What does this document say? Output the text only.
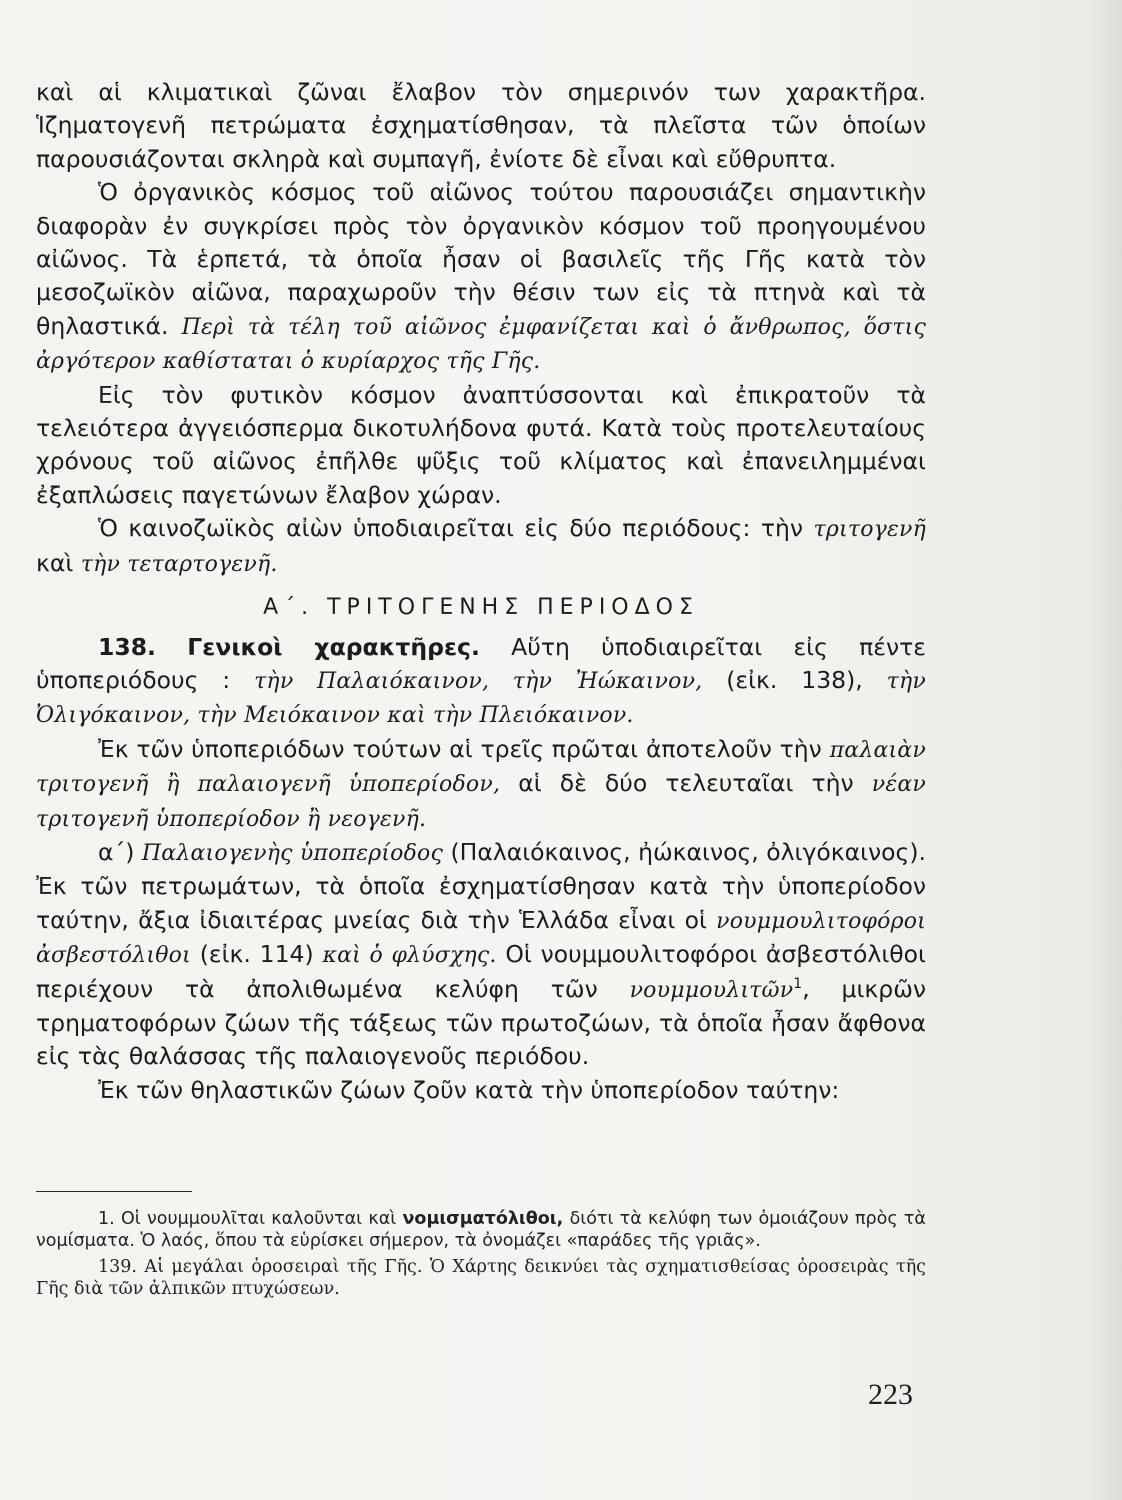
καὶ αἱ κλιματικαὶ ζῶναι ἔλαβον τὸν σημερινόν των χαρακτῆρα. Ἱζηματογενῆ πετρώματα ἐσχηματίσθησαν, τὰ πλεῖστα τῶν ὁποίων παρουσιάζονται σκληρὰ καὶ συμπαγῆ, ἐνίοτε δὲ εἶναι καὶ εὔθρυπτα.

Ὁ ὀργανικὸς κόσμος τοῦ αἰῶνος τούτου παρουσιάζει σημαντικὴν διαφορὰν ἐν συγκρίσει πρὸς τὸν ὀργανικὸν κόσμον τοῦ προηγουμένου αἰῶνος. Τὰ ἑρπετά, τὰ ὁποῖα ἦσαν οἱ βασιλεῖς τῆς Γῆς κατὰ τὸν μεσοζωϊκὸν αἰῶνα, παραχωροῦν τὴν θέσιν των εἰς τὰ πτηνὰ καὶ τὰ θηλαστικά. Περὶ τὰ τέλη τοῦ αἰῶνος ἐμφανίζεται καὶ ὁ ἄνθρωπος, ὅστις ἀργότερον καθίσταται ὁ κυρίαρχος τῆς Γῆς.

Εἰς τὸν φυτικὸν κόσμον ἀναπτύσσονται καὶ ἐπικρατοῦν τὰ τελειότερα ἀγγειόσπερμα δικοτυλήδονα φυτά. Κατὰ τοὺς προτελευταίους χρόνους τοῦ αἰῶνος ἐπῆλθε ψῦξις τοῦ κλίματος καὶ ἐπανειλημμέναι ἐξαπλώσεις παγετώνων ἔλαβον χώραν.

Ὁ καινοζωϊκὸς αἰὼν ὑποδιαιρεῖται εἰς δύο περιόδους: τὴν τριτογενῆ καὶ τὴν τεταρτογενῆ.

Α΄. ΤΡΙΤΟΓΕΝΗΣ ΠΕΡΙΟΔΟΣ

138. Γενικοὶ χαρακτῆρες. Αὕτη ὑποδιαιρεῖται εἰς πέντε ὑποπεριόδους : τὴν Παλαιόκαινον, τὴν Ἠώκαινον, (εἰκ. 138), τὴν Ὀλιγόκαινον, τὴν Μειόκαινον καὶ τὴν Πλειόκαινον.

Ἐκ τῶν ὑποπεριόδων τούτων αἱ τρεῖς πρῶται ἀποτελοῦν τὴν παλαιὰν τριτογενῆ ἢ παλαιογενῆ ὑποπερίοδον, αἱ δὲ δύο τελευταῖαι τὴν νέαν τριτογενῆ ὑποπερίοδον ἢ νεογενῆ.

α΄) Παλαιογενὴς ὑποπερίοδος (Παλαιόκαινος, ἠώκαινος, ὀλιγόκαινος). Ἐκ τῶν πετρωμάτων, τὰ ὁποῖα ἐσχηματίσθησαν κατὰ τὴν ὑποπερίοδον ταύτην, ἄξια ἰδιαιτέρας μνείας διὰ τὴν Ἑλλάδα εἶναι οἱ νουμμουλιτοφόροι ἀσβεστόλιθοι (εἰκ. 114) καὶ ὁ φλύσχης. Οἱ νουμμουλιτοφόροι ἀσβεστόλιθοι περιέχουν τὰ ἀπολιθωμένα κελύφη τῶν νουμμουλιτῶν$^1$, μικρῶν τρηματοφόρων ζώων τῆς τάξεως τῶν πρωτοζώων, τὰ ὁποῖα ἦσαν ἄφθονα εἰς τὰς θαλάσσας τῆς παλαιογενοῦς περιόδου.

Ἐκ τῶν θηλαστικῶν ζώων ζοῦν κατὰ τὴν ὑποπερίοδον ταύτην:

1. Οἱ νουμμουλῖται καλοῦνται καὶ νομισματόλιθοι, διότι τὰ κελύφη των ὁμοιάζουν πρὸς τὰ νομίσματα. Ὁ λαός, ὅπου τὰ εὑρίσκει σήμερον, τὰ ὀνομάζει «παράδες τῆς γριᾶς».

139. Αἱ μεγάλαι ὀροσειραὶ τῆς Γῆς. Ὁ Χάρτης δεικνύει τὰς σχηματισθείσας ὀροσειρὰς τῆς Γῆς διὰ τῶν ἀλπικῶν πτυχώσεων.

223
